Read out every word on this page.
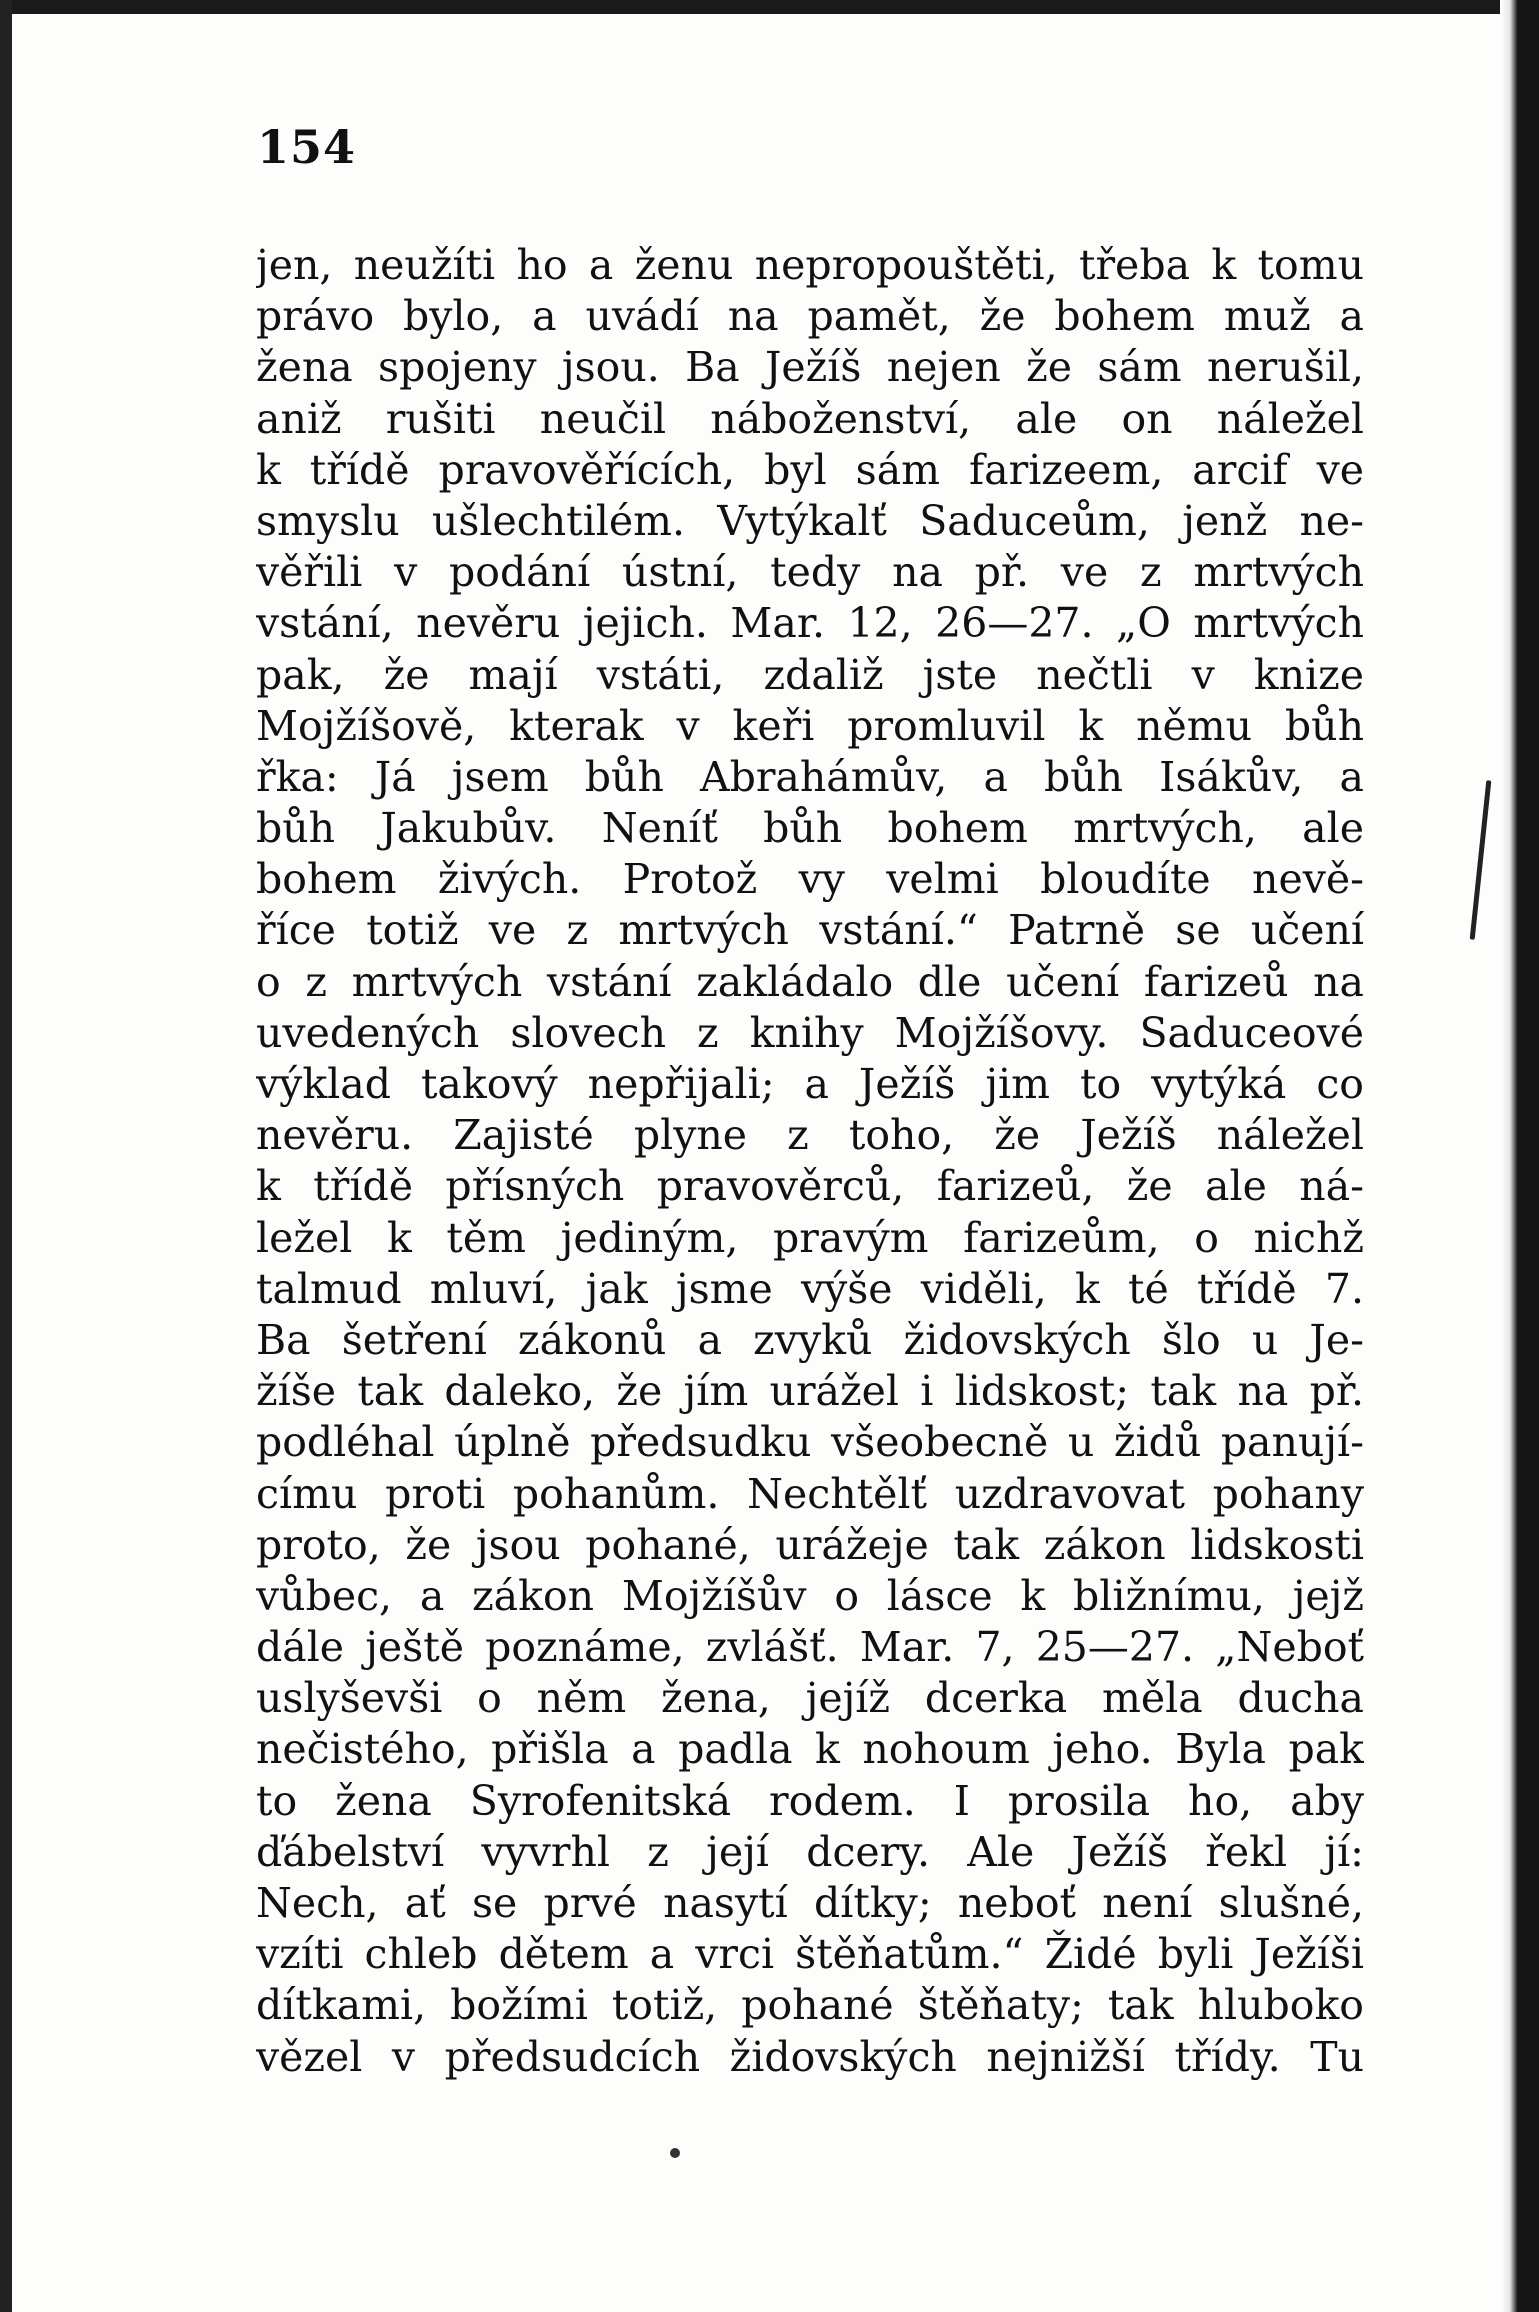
154
jen, neužíti ho a ženu nepropouštěti, třeba k tomu
právo bylo, a uvádí na pamět, že bohem muž a
žena spojeny jsou. Ba Ježíš nejen že sám nerušil,
aniž rušiti neučil náboženství, ale on náležel
k třídě pravověřících, byl sám farizeem, arcif ve
smyslu ušlechtilém. Vytýkalť Saduceům, jenž ne-
věřili v podání ústní, tedy na př. ve z mrtvých
vstání, nevěru jejich. Mar. 12, 26—27. „O mrtvých
pak, že mají vstáti, zdaliž jste nečtli v knize
Mojžíšově, kterak v keři promluvil k němu bůh
řka: Já jsem bůh Abrahámův, a bůh Isákův, a
bůh Jakubův. Neníť bůh bohem mrtvých, ale
bohem živých. Protož vy velmi bloudíte nevě-
říce totiž ve z mrtvých vstání.“ Patrně se učení
o z mrtvých vstání zakládalo dle učení farizeů na
uvedených slovech z knihy Mojžíšovy. Saduceové
výklad takový nepřijali; a Ježíš jim to vytýká co
nevěru. Zajisté plyne z toho, že Ježíš náležel
k třídě přísných pravověrců, farizeů, že ale ná-
ležel k těm jediným, pravým farizeům, o nichž
talmud mluví, jak jsme výše viděli, k té třídě 7.
Ba šetření zákonů a zvyků židovských šlo u Je-
žíše tak daleko, že jím urážel i lidskost; tak na př.
podléhal úplně předsudku všeobecně u židů panují-
címu proti pohanům. Nechtělť uzdravovat pohany
proto, že jsou pohané, urážeje tak zákon lidskosti
vůbec, a zákon Mojžíšův o lásce k bližnímu, jejž
dále ještě poznáme, zvlášť. Mar. 7, 25—27. „Neboť
uslyševši o něm žena, jejíž dcerka měla ducha
nečistého, přišla a padla k nohoum jeho. Byla pak
to žena Syrofenitská rodem. I prosila ho, aby
ďábelství vyvrhl z její dcery. Ale Ježíš řekl jí:
Nech, ať se prvé nasytí dítky; neboť není slušné,
vzíti chleb dětem a vrci štěňatům.“ Židé byli Ježíši
dítkami, božími totiž, pohané štěňaty; tak hluboko
vězel v předsudcích židovských nejnižší třídy. Tu
